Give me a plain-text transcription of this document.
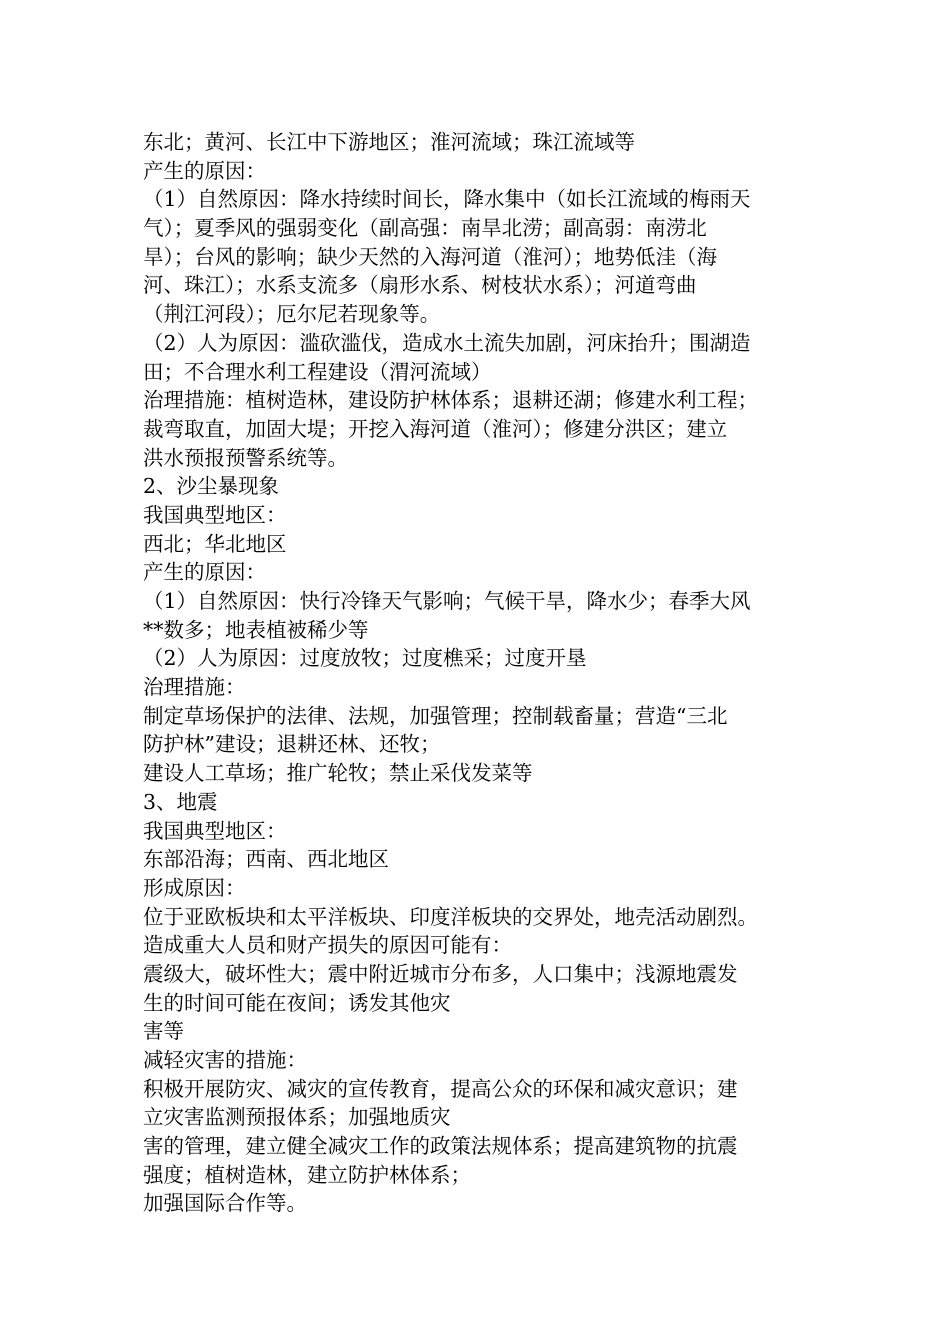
东北；黄河、长江中下游地区；淮河流域；珠江流域等
产生的原因：
（1）自然原因：降水持续时间长，降水集中（如长江流域的梅雨天
气）；夏季风的强弱变化（副高强：南旱北涝；副高弱：南涝北
旱）；台风的影响；缺少天然的入海河道（淮河）；地势低洼（海
河、珠江）；水系支流多（扇形水系、树枝状水系）；河道弯曲
（荆江河段）；厄尔尼若现象等。
（2）人为原因：滥砍滥伐，造成水土流失加剧，河床抬升；围湖造
田；不合理水利工程建设（渭河流域）
治理措施：植树造林，建设防护林体系；退耕还湖；修建水利工程；
裁弯取直，加固大堤；开挖入海河道（淮河）；修建分洪区；建立
洪水预报预警系统等。
2、沙尘暴现象
我国典型地区：
西北；华北地区
产生的原因：
（1）自然原因：快行冷锋天气影响；气候干旱，降水少；春季大风
**数多；地表植被稀少等
（2）人为原因：过度放牧；过度樵采；过度开垦
治理措施：
制定草场保护的法律、法规，加强管理；控制载畜量；营造“三北
防护林”建设；退耕还林、还牧；
建设人工草场；推广轮牧；禁止采伐发菜等
3、地震
我国典型地区：
东部沿海；西南、西北地区
形成原因：
位于亚欧板块和太平洋板块、印度洋板块的交界处，地壳活动剧烈。
造成重大人员和财产损失的原因可能有：
震级大，破坏性大；震中附近城市分布多，人口集中；浅源地震发
生的时间可能在夜间；诱发其他灾
害等
减轻灾害的措施：
积极开展防灾、减灾的宣传教育，提高公众的环保和减灾意识；建
立灾害监测预报体系；加强地质灾
害的管理，建立健全减灾工作的政策法规体系；提高建筑物的抗震
强度；植树造林，建立防护林体系；
加强国际合作等。
